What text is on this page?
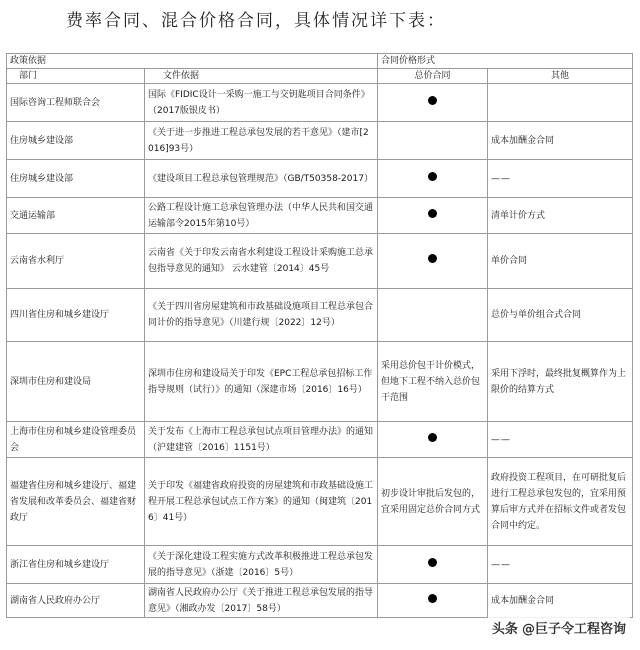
费率合同、混合价格合同，具体情况详下表：
政策依据		合同价格形式	
部门	文件依据	总价合同	其他
国际咨询工程师联合会	国际《FIDIC设计一采购一施工与交钥匙项目合同条件》（2017版银皮书）		
住房城乡建设部	《关于进一步推进工程总承包发展的若干意见》（建市[2016]93号）		成本加酬金合同
住房城乡建设部	《建设项目工程总承包管理规范》（GB/T50358-2017）		——
交通运输部	公路工程设计施工总承包管理办法（中华人民共和国交通运输部令2015年第10号）		清单计价方式
云南省水利厅	云南省《关于印发云南省水利建设工程设计采购施工总承包指导意见的通知》 云水建管〔2014〕45号		单价合同
四川省住房和城乡建设厅	《关于四川省房屋建筑和市政基础设施项目工程总承包合同计价的指导意见》（川建行规〔2022〕12号）		总价与单价组合式合同
深圳市住房和建设局	深圳市住房和建设局关于印发《EPC工程总承包招标工作指导规则（试行）》的通知（深建市场〔2016〕16号）	采用总价包干计价模式，但地下工程不纳入总价包干范围	采用下浮时，最终批复概算作为上限价的结算方式
上海市住房和城乡建设管理委员会	关于发布《上海市工程总承包试点项目管理办法》的通知（沪建建管〔2016〕1151号）		——
福建省住房和城乡建设厅、福建省发展和改革委员会、福建省财政厅	关于印发《福建省政府投资的房屋建筑和市政基础设施工程开展工程总承包试点工作方案》的通知（闽建筑〔2016〕41号）	初步设计审批后发包的，宜采用固定总价合同方式	政府投资工程项目，在可研批复后进行工程总承包发包的，宜采用预算后审方式并在招标文件或者发包合同中约定。
浙江省住房和城乡建设厅	《关于深化建设工程实施方式改革积极推进工程总承包发展的指导意见》（浙建〔2016〕5号）		——
湖南省人民政府办公厅	湖南省人民政府办公厅《关于推进工程总承包发展的指导意见》（湘政办发〔2017〕58号）		成本加酬金合同
头条 @巨子令工程咨询
